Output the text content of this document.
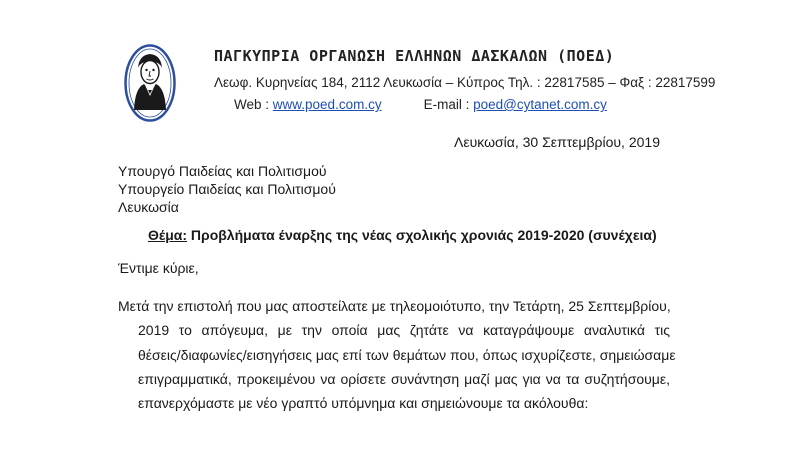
ΠΑΓΚΥΠΡΙΑ ΟΡΓΑΝΩΣΗ ΕΛΛΗΝΩΝ ΔΑΣΚΑΛΩΝ (ΠΟΕΔ)
Λεωφ. Κυρηνείας 184, 2112 Λευκωσία – Κύπρος Τηλ. : 22817585 – Φαξ : 22817599
Web : www.poed.com.cy	E-mail : poed@cytanet.com.cy
Λευκωσία, 30 Σεπτεμβρίου, 2019
Υπουργό Παιδείας και Πολιτισμού
Υπουργείο Παιδείας και Πολιτισμού
Λευκωσία
Θέμα: Προβλήματα έναρξης της νέας σχολικής χρονιάς 2019-2020 (συνέχεια)
Έντιμε κύριε,
Μετά την επιστολή που μας αποστείλατε με τηλεομοιότυπο, την Τετάρτη, 25 Σεπτεμβρίου,
2019 το απόγευμα, με την οποία μας ζητάτε να καταγράψουμε αναλυτικά τις
θέσεις/διαφωνίες/εισηγήσεις μας επί των θεμάτων που, όπως ισχυρίζεστε, σημειώσαμε
επιγραμματικά, προκειμένου να ορίσετε συνάντηση μαζί μας για να τα συζητήσουμε,
επανερχόμαστε με νέο γραπτό υπόμνημα και σημειώνουμε τα ακόλουθα:
